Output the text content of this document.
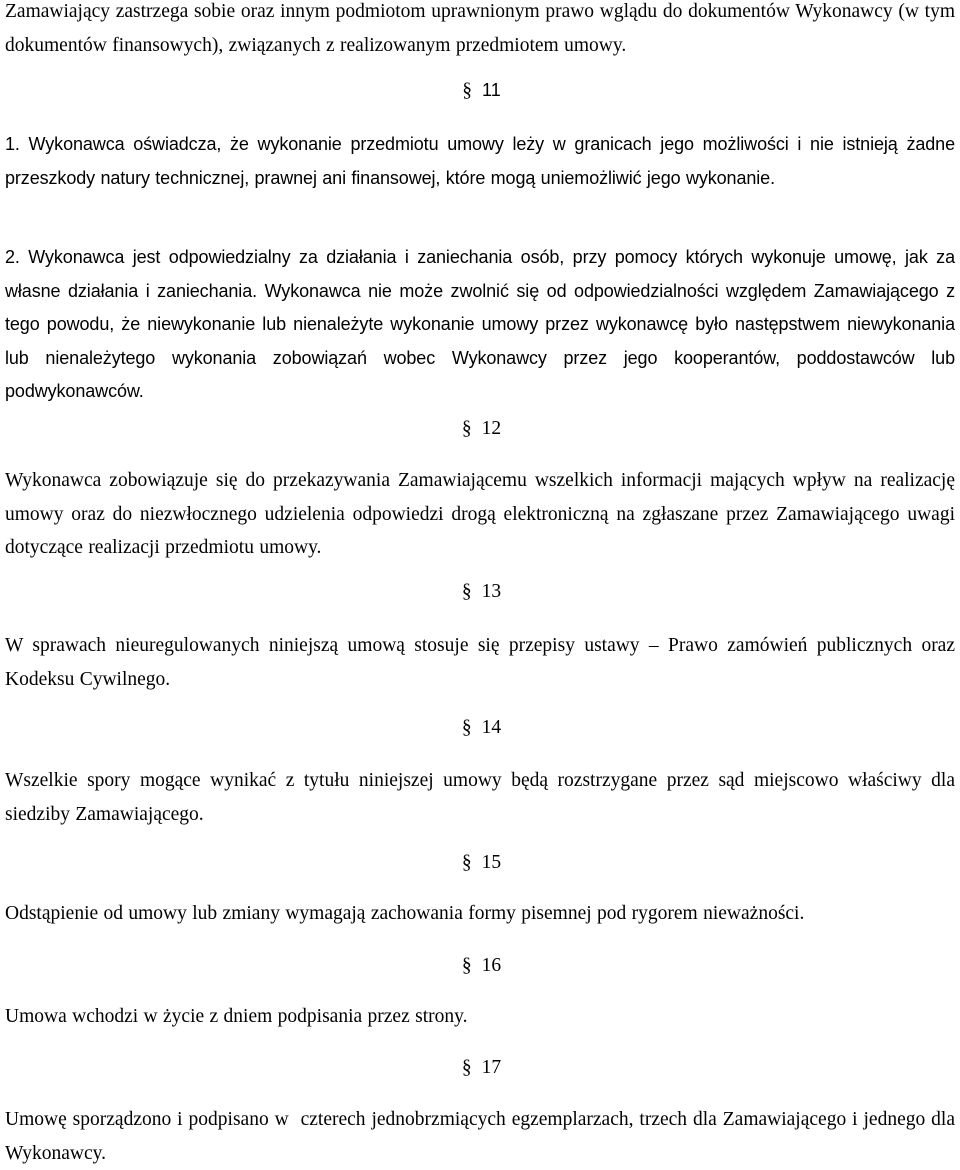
Zamawiający zastrzega sobie oraz innym podmiotom uprawnionym prawo wglądu do dokumentów Wykonawcy (w tym dokumentów finansowych), związanych z realizowanym przedmiotem umowy.

§ 11

1. Wykonawca oświadcza, że wykonanie przedmiotu umowy leży w granicach jego możliwości i nie istnieją żadne przeszkody natury technicznej, prawnej ani finansowej, które mogą uniemożliwić jego wykonanie.

2. Wykonawca jest odpowiedzialny za działania i zaniechania osób, przy pomocy których wykonuje umowę, jak za własne działania i zaniechania. Wykonawca nie może zwolnić się od odpowiedzialności względem Zamawiającego z tego powodu, że niewykonanie lub nienależyte wykonanie umowy przez wykonawcę było następstwem niewykonania lub nienależytego wykonania zobowiązań wobec Wykonawcy przez jego kooperantów, poddostawców lub podwykonawców.

§ 12

Wykonawca zobowiązuje się do przekazywania Zamawiającemu wszelkich informacji mających wpływ na realizację umowy oraz do niezwłocznego udzielenia odpowiedzi drogą elektroniczną na zgłaszane przez Zamawiającego uwagi dotyczące realizacji przedmiotu umowy.

§ 13

W sprawach nieuregulowanych niniejszą umową stosuje się przepisy ustawy – Prawo zamówień publicznych oraz Kodeksu Cywilnego.

§ 14

Wszelkie spory mogące wynikać z tytułu niniejszej umowy będą rozstrzygane przez sąd miejscowo właściwy dla siedziby Zamawiającego.

§ 15

Odstąpienie od umowy lub zmiany wymagają zachowania formy pisemnej pod rygorem nieważności.

§ 16

Umowa wchodzi w życie z dniem podpisania przez strony.

§ 17

Umowę sporządzono i podpisano w  czterech jednobrzmiących egzemplarzach, trzech dla Zamawiającego i jednego dla Wykonawcy.
